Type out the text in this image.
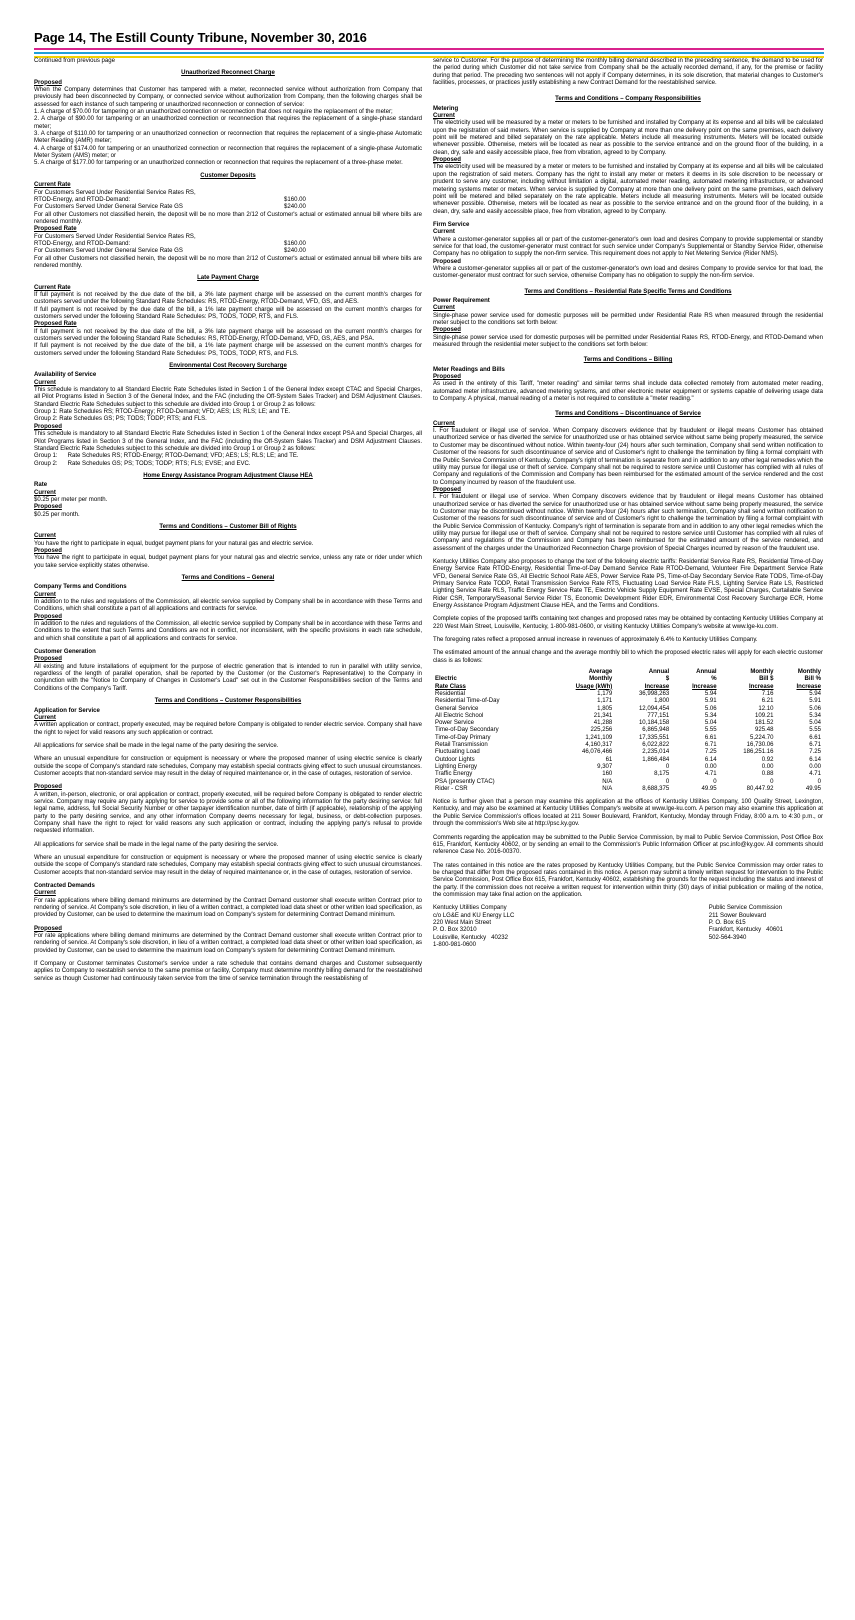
Page 14, The Estill County Tribune, November 30, 2016

Continued from previous page

Unauthorized Reconnect Charge

Proposed

When the Company determines that Customer has tampered with a meter, reconnected service without authorization from Company that previously had been disconnected by Company, or connected service without authorization from Company, then the following charges shall be assessed for each instance of such tampering or unauthorized reconnection or connection of service:

1. A charge of $70.00 for tampering or an unauthorized connection or reconnection that does not require the replacement of the meter;

2. A charge of $90.00 for tampering or an unauthorized connection or reconnection that requires the replacement of a single-phase standard meter;

3. A charge of $110.00 for tampering or an unauthorized connection or reconnection that requires the replacement of a single-phase Automatic Meter Reading (AMR) meter;

4. A charge of $174.00 for tampering or an unauthorized connection or reconnection that requires the replacement of a single-phase Automatic Meter System (AMS) meter; or

5. A charge of $177.00 for tampering or an unauthorized connection or reconnection that requires the replacement of a three-phase meter.

Customer Deposits

Current Rate

For Customers Served Under Residential Service Rates RS,

RTOD-Energy, and RTOD-Demand:	$160.00

For Customers Served Under General Service Rate GS	$240.00

For all other Customers not classified herein, the deposit will be no more than 2/12 of Customer's actual or estimated annual bill where bills are rendered monthly.

Proposed Rate

For Customers Served Under Residential Service Rates RS,

RTOD-Energy, and RTOD-Demand:	$160.00

For Customers Served Under General Service Rate GS	$240.00

For all other Customers not classified herein, the deposit will be no more than 2/12 of Customer's actual or estimated annual bill where bills are rendered monthly.

Late Payment Charge

Current Rate

If full payment is not received by the due date of the bill, a 3% late payment charge will be assessed on the current month's charges for customers served under the following Standard Rate Schedules: RS, RTOD-Energy, RTOD-Demand, VFD, GS, and AES.

If full payment is not received by the due date of the bill, a 1% late payment charge will be assessed on the current month's charges for customers served under the following Standard Rate Schedules: PS, TODS, TODP, RTS, and FLS.

Proposed Rate

If full payment is not received by the due date of the bill, a 3% late payment charge will be assessed on the current month's charges for customers served under the following Standard Rate Schedules: RS, RTOD-Energy, RTOD-Demand, VFD, GS, AES, and PSA.

If full payment is not received by the due date of the bill, a 1% late payment charge will be assessed on the current month's charges for customers served under the following Standard Rate Schedules: PS, TODS, TODP, RTS, and FLS.

Environmental Cost Recovery Surcharge

Availability of Service

Current

This schedule is mandatory to all Standard Electric Rate Schedules listed in Section 1 of the General Index except CTAC and Special Charges, all Pilot Programs listed in Section 3 of the General Index, and the FAC (including the Off-System Sales Tracker) and DSM Adjustment Clauses. Standard Electric Rate Schedules subject to this schedule are divided into Group 1 or Group 2 as follows:

Group 1: Rate Schedules RS; RTOD-Energy; RTOD-Demand; VFD; AES; LS; RLS; LE; and TE.

Group 2: Rate Schedules GS; PS; TODS; TODP; RTS; and FLS.

Proposed

This schedule is mandatory to all Standard Electric Rate Schedules listed in Section 1 of the General Index except PSA and Special Charges, all Pilot Programs listed in Section 3 of the General Index, and the FAC (including the Off-System Sales Tracker) and DSM Adjustment Clauses. Standard Electric Rate Schedules subject to this schedule are divided into Group 1 or Group 2 as follows:

Group 1:      Rate Schedules RS; RTOD-Energy; RTOD-Demand; VFD; AES; LS; RLS; LE; and TE.

Group 2:      Rate Schedules GS; PS; TODS; TODP; RTS; FLS; EVSE; and EVC.

Home Energy Assistance Program Adjustment Clause HEA

Rate

Current

$0.25 per meter per month.

Proposed

$0.25 per month.

Terms and Conditions – Customer Bill of Rights

Current

You have the right to participate in equal, budget payment plans for your natural gas and electric service.

Proposed

You have the right to participate in equal, budget payment plans for your natural gas and electric service, unless any rate or rider under which you take service explicitly states otherwise.

Terms and Conditions – General

Company Terms and Conditions

Current

In addition to the rules and regulations of the Commission, all electric service supplied by Company shall be in accordance with these Terms and Conditions, which shall constitute a part of all applications and contracts for service.

Proposed

In addition to the rules and regulations of the Commission, all electric service supplied by Company shall be in accordance with these Terms and Conditions to the extent that such Terms and Conditions are not in conflict, nor inconsistent, with the specific provisions in each rate schedule, and which shall constitute a part of all applications and contracts for service.

Customer Generation

Proposed

All existing and future installations of equipment for the purpose of electric generation that is intended to run in parallel with utility service, regardless of the length of parallel operation, shall be reported by the Customer (or the Customer's Representative) to the Company in conjunction with the "Notice to Company of Changes in Customer's Load" set out in the Customer Responsibilities section of the Terms and Conditions of the Company's Tariff.

Terms and Conditions – Customer Responsibilities

Application for Service

Current

A written application or contract, properly executed, may be required before Company is obligated to render electric service. Company shall have the right to reject for valid reasons any such application or contract.

All applications for service shall be made in the legal name of the party desiring the service.

Where an unusual expenditure for construction or equipment is necessary or where the proposed manner of using electric service is clearly outside the scope of Company's standard rate schedules, Company may establish special contracts giving effect to such unusual circumstances. Customer accepts that non-standard service may result in the delay of required maintenance or, in the case of outages, restoration of service.

Proposed

A written, in-person, electronic, or oral application or contract, properly executed, will be required before Company is obligated to render electric service. Company may require any party applying for service to provide some or all of the following information for the party desiring service: full legal name, address, full Social Security Number or other taxpayer identification number, date of birth (if applicable), relationship of the applying party to the party desiring service, and any other information Company deems necessary for legal, business, or debt-collection purposes. Company shall have the right to reject for valid reasons any such application or contract, including the applying party's refusal to provide requested information.

All applications for service shall be made in the legal name of the party desiring the service.

Where an unusual expenditure for construction or equipment is necessary or where the proposed manner of using electric service is clearly outside the scope of Company's standard rate schedules, Company may establish special contracts giving effect to such unusual circumstances. Customer accepts that non-standard service may result in the delay of required maintenance or, in the case of outages, restoration of service.

Contracted Demands

Current

For rate applications where billing demand minimums are determined by the Contract Demand customer shall execute written Contract prior to rendering of service. At Company's sole discretion, in lieu of a written contract, a completed load data sheet or other written load specification, as provided by Customer, can be used to determine the maximum load on Company's system for determining Contract Demand minimum.

Proposed

For rate applications where billing demand minimums are determined by the Contract Demand customer shall execute written Contract prior to rendering of service. At Company's sole discretion, in lieu of a written contract, a completed load data sheet or other written load specification, as provided by Customer, can be used to determine the maximum load on Company's system for determining Contract Demand minimum.

If Company or Customer terminates Customer's service under a rate schedule that contains demand charges and Customer subsequently applies to Company to reestablish service to the same premise or facility, Company must determine monthly billing demand for the reestablished service as though Customer had continuously taken service from the time of service termination through the reestablishing of

service to Customer. For the purpose of determining the monthly billing demand described in the preceding sentence, the demand to be used for the period during which Customer did not take service from Company shall be the actually recorded demand, if any, for the premise or facility during that period. The preceding two sentences will not apply if Company determines, in its sole discretion, that material changes to Customer's facilities, processes, or practices justify establishing a new Contract Demand for the reestablished service.

Terms and Conditions – Company Responsibilities

Metering

Current

The electricity used will be measured by a meter or meters to be furnished and installed by Company at its expense and all bills will be calculated upon the registration of said meters. When service is supplied by Company at more than one delivery point on the same premises, each delivery point will be metered and billed separately on the rate applicable. Meters include all measuring instruments. Meters will be located outside whenever possible. Otherwise, meters will be located as near as possible to the service entrance and on the ground floor of the building, in a clean, dry, safe and easily accessible place, free from vibration, agreed to by Company.

Proposed

The electricity used will be measured by a meter or meters to be furnished and installed by Company at its expense and all bills will be calculated upon the registration of said meters. Company has the right to install any meter or meters it deems in its sole discretion to be necessary or prudent to serve any customer, including without limitation a digital, automated meter reading, automated metering infrastructure, or advanced metering systems meter or meters. When service is supplied by Company at more than one delivery point on the same premises, each delivery point will be metered and billed separately on the rate applicable. Meters include all measuring instruments. Meters will be located outside whenever possible. Otherwise, meters will be located as near as possible to the service entrance and on the ground floor of the building, in a clean, dry, safe and easily accessible place, free from vibration, agreed to by Company.

Firm Service

Current

Where a customer-generator supplies all or part of the customer-generator's own load and desires Company to provide supplemental or standby service for that load, the customer-generator must contract for such service under Company's Supplemental or Standby Service Rider, otherwise Company has no obligation to supply the non-firm service. This requirement does not apply to Net Metering Service (Rider NMS).

Proposed

Where a customer-generator supplies all or part of the customer-generator's own load and desires Company to provide service for that load, the customer-generator must contract for such service, otherwise Company has no obligation to supply the non-firm service.

Terms and Conditions – Residential Rate Specific Terms and Conditions

Power Requirement

Current

Single-phase power service used for domestic purposes will be permitted under Residential Rate RS when measured through the residential meter subject to the conditions set forth below:

Proposed

Single-phase power service used for domestic purposes will be permitted under Residential Rates RS, RTOD-Energy, and RTOD-Demand when measured through the residential meter subject to the conditions set forth below:

Terms and Conditions – Billing

Meter Readings and Bills

Proposed

As used in the entirety of this Tariff, "meter reading" and similar terms shall include data collected remotely from automated meter reading, automated meter infrastructure, advanced metering systems, and other electronic meter equipment or systems capable of delivering usage data to Company. A physical, manual reading of a meter is not required to constitute a "meter reading."

Terms and Conditions – Discontinuance of Service

Current

I. For fraudulent or illegal use of service. When Company discovers evidence that by fraudulent or illegal means Customer has obtained unauthorized service or has diverted the service for unauthorized use or has obtained service without same being properly measured, the service to Customer may be discontinued without notice. Within twenty-four (24) hours after such termination, Company shall send written notification to Customer of the reasons for such discontinuance of service and of Customer's right to challenge the termination by filing a formal complaint with the Public Service Commission of Kentucky. Company's right of termination is separate from and in addition to any other legal remedies which the utility may pursue for illegal use or theft of service. Company shall not be required to restore service until Customer has complied with all rules of Company and regulations of the Commission and Company has been reimbursed for the estimated amount of the service rendered and the cost to Company incurred by reason of the fraudulent use.

Proposed

I. For fraudulent or illegal use of service. When Company discovers evidence that by fraudulent or illegal means Customer has obtained unauthorized service or has diverted the service for unauthorized use or has obtained service without same being properly measured, the service to Customer may be discontinued without notice. Within twenty-four (24) hours after such termination, Company shall send written notification to Customer of the reasons for such discontinuance of service and of Customer's right to challenge the termination by filing a formal complaint with the Public Service Commission of Kentucky. Company's right of termination is separate from and in addition to any other legal remedies which the utility may pursue for illegal use or theft of service. Company shall not be required to restore service until Customer has complied with all rules of Company and regulations of the Commission and Company has been reimbursed for the estimated amount of the service rendered, and assessment of the charges under the Unauthorized Reconnection Charge provision of Special Charges incurred by reason of the fraudulent use.

Kentucky Utilities Company also proposes to change the text of the following electric tariffs: Residential Service Rate RS, Residential Time-of-Day Energy Service Rate RTOD-Energy, Residential Time-of-Day Demand Service Rate RTOD-Demand, Volunteer Fire Department Service Rate VFD, General Service Rate GS, All Electric School Rate AES, Power Service Rate PS, Time-of-Day Secondary Service Rate TODS, Time-of-Day Primary Service Rate TODP, Retail Transmission Service Rate RTS, Fluctuating Load Service Rate FLS, Lighting Service Rate LS, Restricted Lighting Service Rate RLS, Traffic Energy Service Rate TE, Electric Vehicle Supply Equipment Rate EVSE, Special Charges, Curtailable Service Rider CSR, Temporary/Seasonal Service Rider TS, Economic Development Rider EDR, Environmental Cost Recovery Surcharge ECR, Home Energy Assistance Program Adjustment Clause HEA, and the Terms and Conditions.

Complete copies of the proposed tariffs containing text changes and proposed rates may be obtained by contacting Kentucky Utilities Company at 220 West Main Street, Louisville, Kentucky, 1-800-981-0600, or visiting Kentucky Utilities Company's website at www.lge-ku.com.

The foregoing rates reflect a proposed annual increase in revenues of approximately 6.4% to Kentucky Utilities Company.

The estimated amount of the annual change and the average monthly bill to which the proposed electric rates will apply for each electric customer class is as follows:

	Average	Annual	Annual	Monthly	Monthly
Electric	Monthly	$	%	Bill $	Bill %
Rate Class	Usage (kWh)	Increase	Increase	Increase	Increase
Residential	1,179	36,998,263	5.94	7.16	5.94
Residential Time-of-Day	1,171	1,800	5.91	6.21	5.91
General Service	1,805	12,094,454	5.06	12.10	5.06
All Electric School	21,341	777,151	5.34	109.21	5.34
Power Service	41,288	10,184,158	5.04	181.52	5.04
Time-of-Day Secondary	225,256	6,865,948	5.55	925.48	5.55
Time-of-Day Primary	1,241,109	17,335,551	6.61	5,224.70	6.61
Retail Transmission	4,160,317	6,022,822	6.71	16,730.06	6.71
Fluctuating Load	46,076,466	2,235,014	7.25	186,251.16	7.25
Outdoor Lights	61	1,866,484	6.14	0.92	6.14
Lighting Energy	9,307	0	0.00	0.00	0.00
Traffic Energy	160	8,175	4.71	0.88	4.71
PSA (presently CTAC)	N/A	0	0	0	0
Rider - CSR	N/A	8,688,375	49.95	80,447.92	49.95

Notice is further given that a person may examine this application at the offices of Kentucky Utilities Company, 100 Quality Street, Lexington, Kentucky, and may also be examined at Kentucky Utilities Company's website at www.lge-ku.com. A person may also examine this application at the Public Service Commission's offices located at 211 Sower Boulevard, Frankfort, Kentucky, Monday through Friday, 8:00 a.m. to 4:30 p.m., or through the commission's Web site at http://psc.ky.gov.

Comments regarding the application may be submitted to the Public Service Commission, by mail to Public Service Commission, Post Office Box 615, Frankfort, Kentucky 40602, or by sending an email to the Commission's Public Information Officer at psc.info@ky.gov. All comments should reference Case No. 2016-00370.

The rates contained in this notice are the rates proposed by Kentucky Utilities Company, but the Public Service Commission may order rates to be charged that differ from the proposed rates contained in this notice. A person may submit a timely written request for intervention to the Public Service Commission, Post Office Box 615, Frankfort, Kentucky 40602, establishing the grounds for the request including the status and interest of the party. If the commission does not receive a written request for intervention within thirty (30) days of initial publication or mailing of the notice, the commission may take final action on the application.

Kentucky Utilities Company
c/o LG&E and KU Energy LLC
220 West Main Street
P. O. Box 32010
Louisville, Kentucky   40232
1-800-981-0600
Public Service Commission
211 Sower Boulevard
P. O. Box 615
Frankfort, Kentucky   40601
502-564-3940
